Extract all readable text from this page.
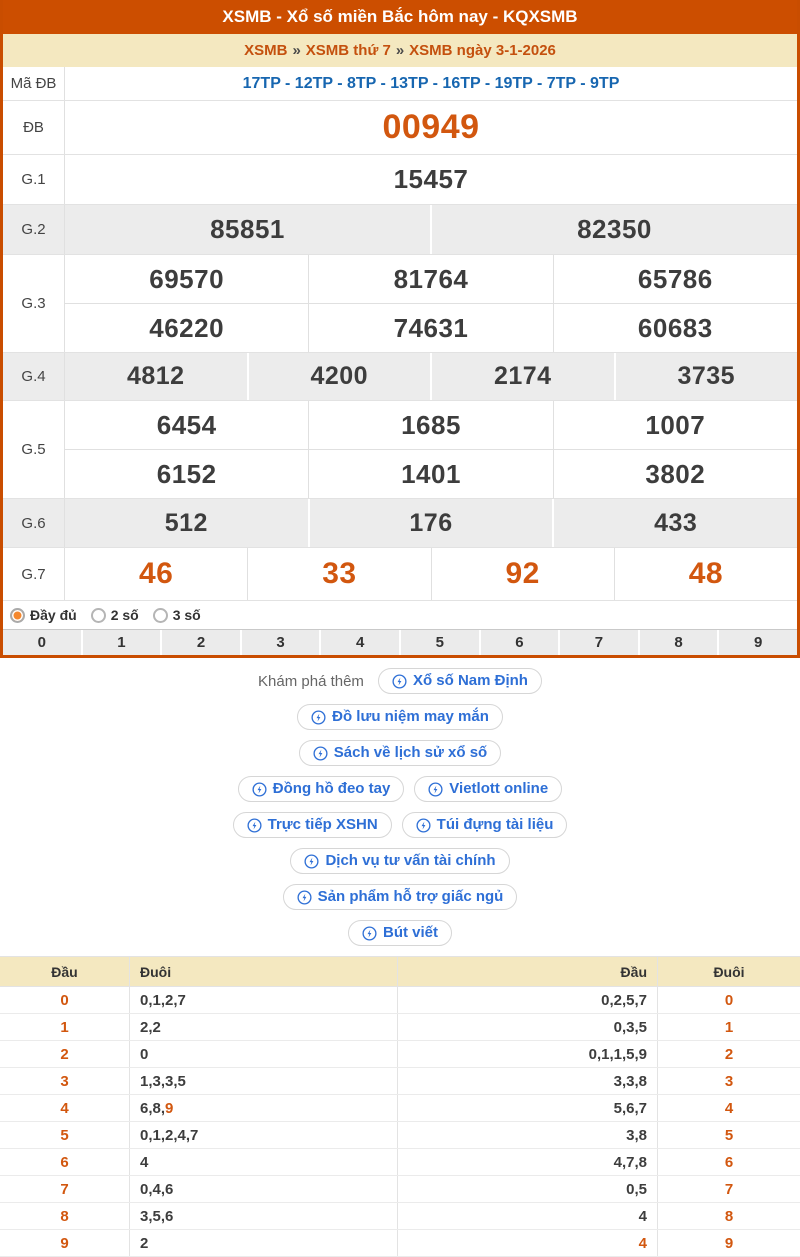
XSMB - Xổ số miền Bắc hôm nay - KQXSMB
XSMB » XSMB thứ 7 » XSMB ngày 3-1-2026
Mã ĐB	17TP - 12TP - 8TP - 13TP - 16TP - 19TP - 7TP - 9TP
ĐB	00949
G.1	15457
G.2	85851	82350
G.3
69570	81764	65786
46220	74631	60683
G.4	4812	4200	2174	3735
G.5
6454	1685	1007
6152	1401	3802
G.6	512	176	433
G.7	46	33	92	48
Đầy đủ 2 số 3 số
0	1	2	3	4	5	6	7	8	9
Khám phá thêm	Xổ số Nam Định
Đồ lưu niệm may mắn
Sách về lịch sử xổ số
Đồng hồ đeo tay	Vietlott online
Trực tiếp XSHN	Túi đựng tài liệu
Dịch vụ tư vấn tài chính
Sản phẩm hỗ trợ giấc ngủ
Bút viết
Đầu	Đuôi	Đầu	Đuôi
0	0,1,2,7	0,2,5,7	0
1	2,2	0,3,5	1
2	0	0,1,1,5,9	2
3	1,3,3,5	3,3,8	3
4	6,8, 9	5,6,7	4
5	0,1,2,4,7	3,8	5
6	4	4,7,8	6
7	0,4,6	0,5	7
8	3,5,6	4	8
9	2	4	9
